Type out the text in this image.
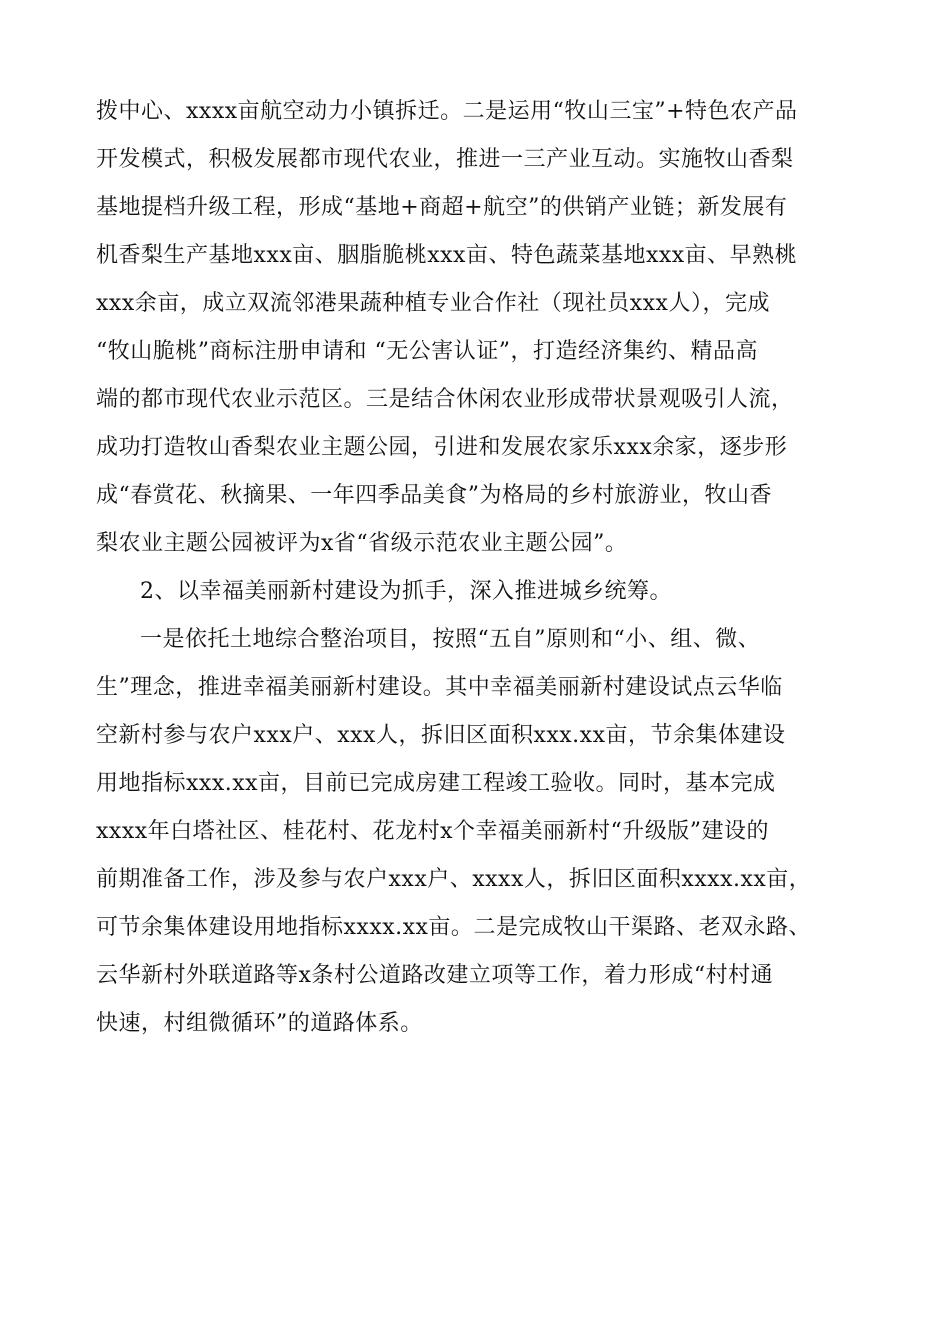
拨中心、xxxx亩航空动力小镇拆迁。二是运用“牧山三宝”+特色农产品
开发模式，积极发展都市现代农业，推进一三产业互动。实施牧山香梨
基地提档升级工程，形成“基地+商超+航空”的供销产业链；新发展有
机香梨生产基地xxx亩、胭脂脆桃xxx亩、特色蔬菜基地xxx亩、早熟桃
xxx余亩，成立双流邻港果蔬种植专业合作社（现社员xxx人），完成
“牧山脆桃”商标注册申请和 “无公害认证”，打造经济集约、精品高
端的都市现代农业示范区。三是结合休闲农业形成带状景观吸引人流，
成功打造牧山香梨农业主题公园，引进和发展农家乐xxx余家，逐步形
成“春赏花、秋摘果、一年四季品美食”为格局的乡村旅游业，牧山香
梨农业主题公园被评为x省“省级示范农业主题公园”。
2、以幸福美丽新村建设为抓手，深入推进城乡统筹。
一是依托土地综合整治项目，按照“五自”原则和“小、组、微、
生”理念，推进幸福美丽新村建设。其中幸福美丽新村建设试点云华临
空新村参与农户xxx户、xxx人，拆旧区面积xxx.xx亩，节余集体建设
用地指标xxx.xx亩，目前已完成房建工程竣工验收。同时，基本完成
xxxx年白塔社区、桂花村、花龙村x个幸福美丽新村“升级版”建设的
前期准备工作，涉及参与农户xxx户、xxxx人，拆旧区面积xxxx.xx亩，
可节余集体建设用地指标xxxx.xx亩。二是完成牧山干渠路、老双永路、
云华新村外联道路等x条村公道路改建立项等工作，着力形成“村村通
快速，村组微循环”的道路体系。
